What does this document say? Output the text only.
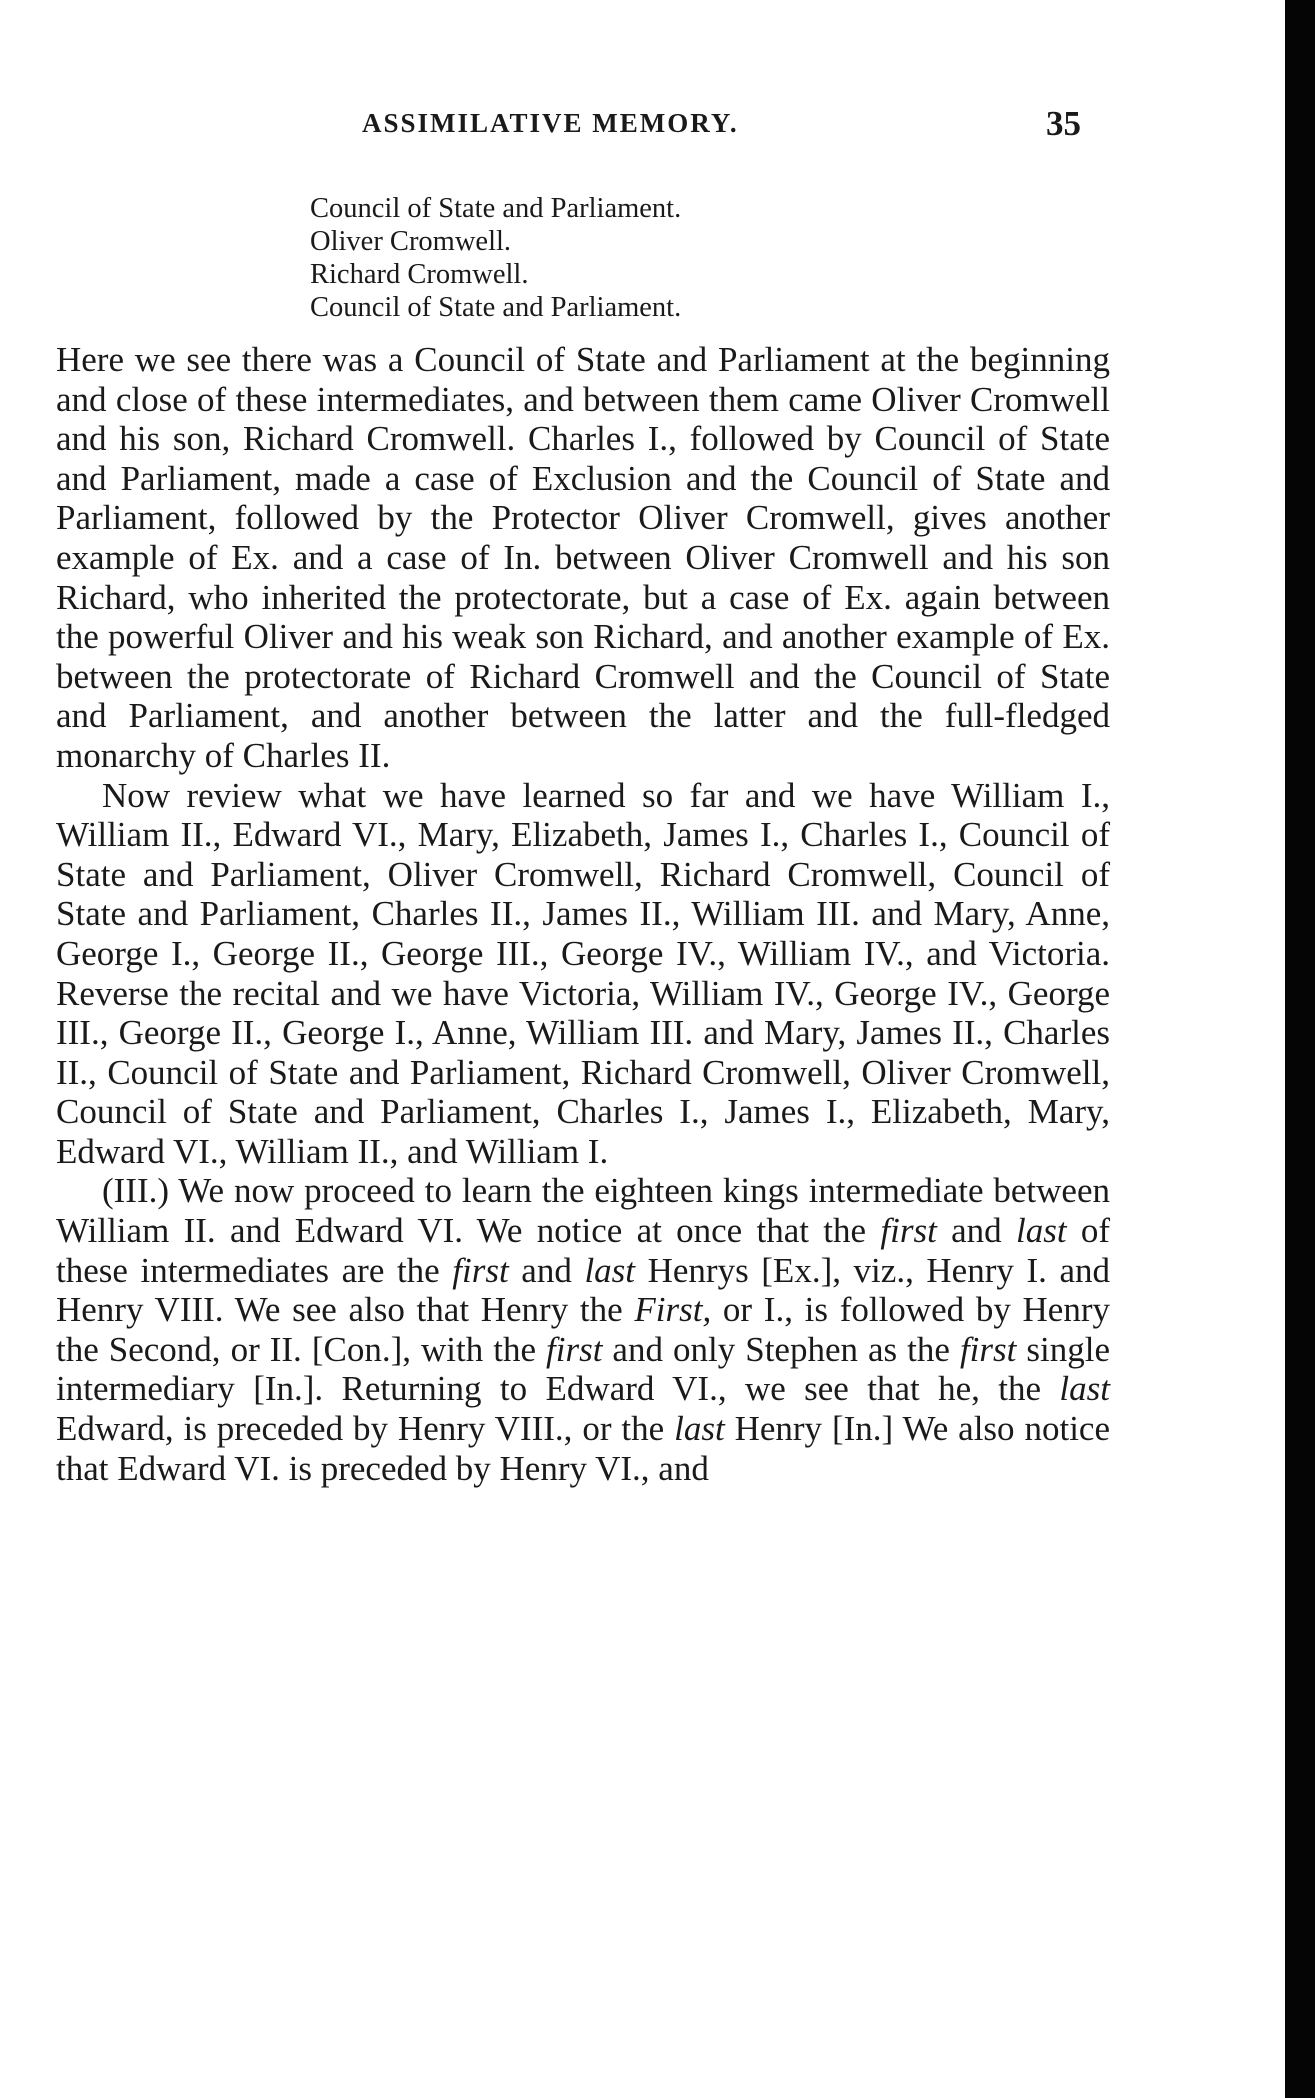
ASSIMILATIVE MEMORY.	35
Council of State and Parliament.
Oliver Cromwell.
Richard Cromwell.
Council of State and Parliament.

Here we see there was a Council of State and Parliament at the beginning and close of these intermediates, and between them came Oliver Cromwell and his son, Richard Cromwell. Charles I., followed by Council of State and Parliament, made a case of Exclusion and the Council of State and Parliament, followed by the Protector Oliver Cromwell, gives another example of Ex. and a case of In. between Oliver Cromwell and his son Richard, who inherited the protectorate, but a case of Ex. again between the powerful Oliver and his weak son Richard, and another example of Ex. between the protectorate of Richard Cromwell and the Council of State and Parliament, and another between the latter and the full-fledged monarchy of Charles II.

Now review what we have learned so far and we have William I., William II., Edward VI., Mary, Elizabeth, James I., Charles I., Council of State and Parliament, Oliver Cromwell, Richard Cromwell, Council of State and Parliament, Charles II., James II., William III. and Mary, Anne, George I., George II., George III., George IV., William IV., and Victoria. Reverse the recital and we have Victoria, William IV., George IV., George III., George II., George I., Anne, William III. and Mary, James II., Charles II., Council of State and Parliament, Richard Cromwell, Oliver Cromwell, Council of State and Parliament, Charles I., James I., Elizabeth, Mary, Edward VI., William II., and William I.

(III.) We now proceed to learn the eighteen kings intermediate between William II. and Edward VI. We notice at once that the first and last of these intermediates are the first and last Henrys [Ex.], viz., Henry I. and Henry VIII. We see also that Henry the First, or I., is followed by Henry the Second, or II. [Con.], with the first and only Stephen as the first single intermediary [In.]. Returning to Edward VI., we see that he, the last Edward, is preceded by Henry VIII., or the last Henry [In.] We also notice that Edward VI. is preceded by Henry VI., and
